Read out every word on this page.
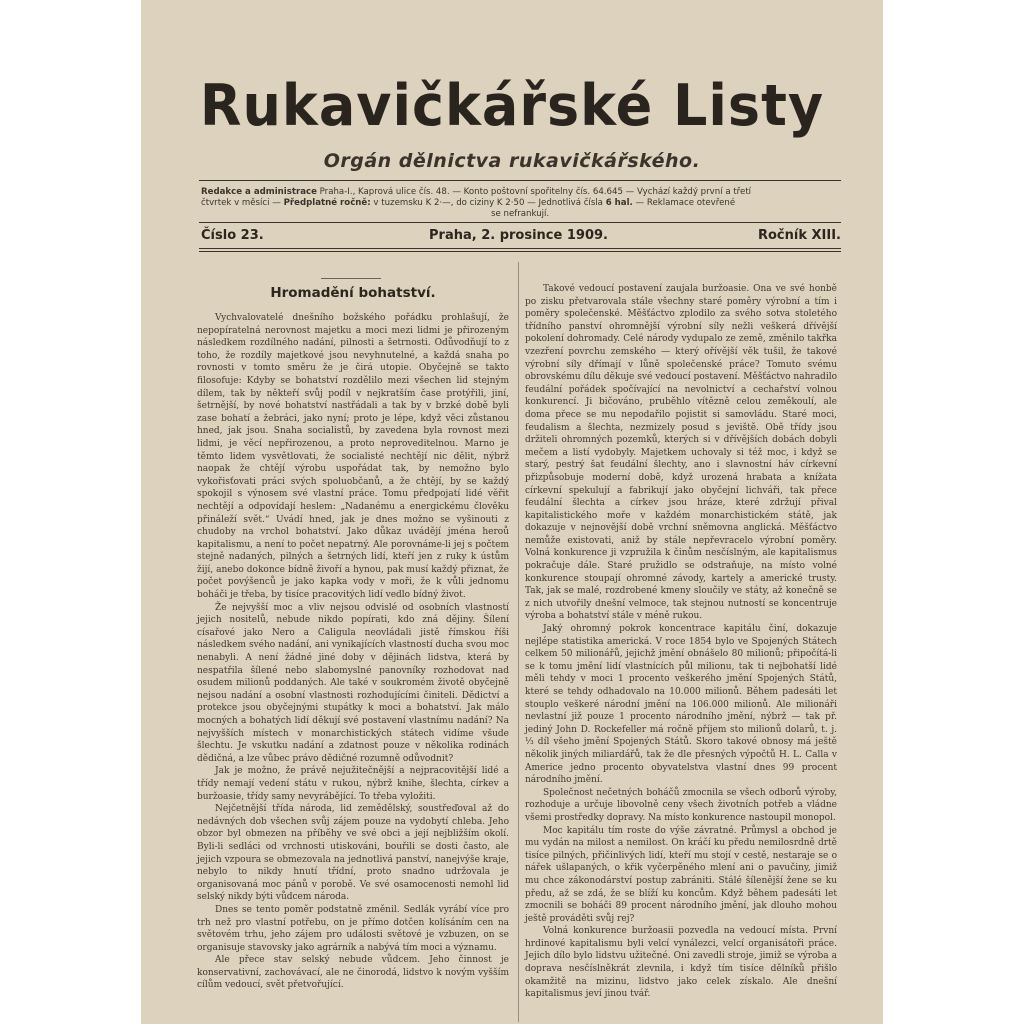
Rukavičkářské Listy
Orgán dělnictva rukavičkářského.
Redakce a administrace Praha-I., Kaprová ulice čís. 48. — Konto poštovní spořitelny čís. 64.645 — Vychází každý první a třetí
čtvrtek v měsíci — Předplatné ročně: v tuzemsku K 2·—, do ciziny K 2·50 — Jednotlivá čísla 6 hal. — Reklamace otevřené
se nefrankují.
Číslo 23.	Praha, 2. prosince 1909.	Ročník XIII.
Hromadění bohatství.

Vychvalovatelé dnešního božského pořádku prohlašují, že nepopíratelná nerovnost majetku a moci mezi lidmi je přirozeným následkem rozdílného nadání, pilnosti a šetrnosti. Odůvodňují to z toho, že rozdíly majetkové jsou nevyhnutelné, a každá snaha po rovnosti v tomto směru že je čirá utopie. Obyčejně se takto filosofuje: Kdyby se bohatství rozdělilo mezi všechen lid stejným dílem, tak by někteří svůj podíl v nejkratším čase protýřili, jiní, šetrnější, by nové bohatství nastřádali a tak by v brzké době byli zase bohatí a žebráci, jako nyní; proto je lépe, když věci zůstanou hned, jak jsou. Snaha socialistů, by zavedena byla rovnost mezi lidmi, je věcí nepřirozenou, a proto neproveditelnou. Marno je těmto lidem vysvětlovati, že socialisté nechtějí nic dělit, nýbrž naopak že chtějí výrobu uspořádat tak, by nemožno bylo vykořisťovati práci svých spoluobčanů, a že chtějí, by se každý spokojil s výnosem své vlastní práce. Tomu předpojatí lidé věřit nechtějí a odpovídají heslem: „Nadanému a energickému člověku přináleží svět.“ Uvádí hned, jak je dnes možno se vyšinouti z chudoby na vrchol bohatství. Jako důkaz uvádějí jména heroů kapitalismu, a není to počet nepatrný. Ale porovnáme-li jej s počtem stejně nadaných, pilných a šetrných lidí, kteří jen z ruky k ústům žijí, anebo dokonce bídně živoří a hynou, pak musí každý přiznat, že počet povýšenců je jako kapka vody v moři, že k vůli jednomu boháči je třeba, by tisíce pracovitých lidí vedlo bídný život.

Že nejvyšší moc a vliv nejsou odvislé od osobních vlastností jejich nositelů, nebude nikdo popírati, kdo zná dějiny. Šílení císařové jako Nero a Caligula neovládali jistě římskou říši následkem svého nadání, ani vynikajících vlastností ducha svou moc nenabyli. A není žádné jiné doby v dějinách lidstva, která by nespatřila šílené nebo slabomyslné panovníky rozhodovat nad osudem milionů poddaných. Ale také v soukromém životě obyčejně nejsou nadání a osobní vlastnosti rozhodujícími činiteli. Dědictví a protekce jsou obyčejnými stupátky k moci a bohatství. Jak málo mocných a bohatých lidí děkují své postavení vlastnímu nadání? Na nejvyšších místech v monarchistických státech vidíme všude šlechtu. Je vskutku nadání a zdatnost pouze v několika rodinách dědičná, a lze vůbec právo dědičné rozumně odůvodnit?

Jak je možno, že právě nejužitečnější a nejpracovitější lidé a třídy nemají vedení státu v rukou, nýbrž knihe, šlechta, církev a buržoasie, třídy samy nevyrábějící. To třeba vyložiti.

Nejčetnější třída národa, lid zemědělský, soustřeďoval až do nedávných dob všechen svůj zájem pouze na vydobytí chleba. Jeho obzor byl obmezen na příběhy ve své obci a její nejbližším okolí. Byli-li sedláci od vrchnosti utiskováni, bouřili se dosti často, ale jejich vzpoura se obmezovala na jednotlivá panství, nanejvýše kraje, nebylo to nikdy hnutí třídní, proto snadno udržovala je organisovaná moc pánů v porobě. Ve své osamocenosti nemohl lid selský nikdy býti vůdcem národa.

Dnes se tento poměr podstatně změnil. Sedlák vyrábí více pro trh než pro vlastní potřebu, on je přímo dotčen kolísáním cen na světovém trhu, jeho zájem pro události světové je vzbuzen, on se organisuje stavovsky jako agrárník a nabývá tím moci a významu.

Ale přece stav selský nebude vůdcem. Jeho činnost je konservativní, zachovávací, ale ne činorodá, lidstvo k novým vyšším cílům vedoucí, svět přetvořující.

Takové vedoucí postavení zaujala buržoasie. Ona ve své honbě po zisku přetvarovala stále všechny staré poměry výrobní a tím i poměry společenské. Měšťáctvo zplodilo za svého sotva stoletého třídního panství ohromnější výrobní síly nežli veškerá dřívější pokolení dohromady. Celé národy vydupalo ze země, změnilo takřka vzezření povrchu zemského — který ořívější věk tušil, že takové výrobní síly dřímají v lůně společenské práce? Tomuto svému obrovskému dílu děkuje své vedoucí postavení. Měšťáctvo nahradilo feudální pořádek spočívající na nevolnictví a cechařství volnou konkurencí. Ji bičováno, pruběhlo vítězně celou zeměkoulí, ale doma přece se mu nepodařilo pojistit si samovládu. Staré moci, feudalism a šlechta, nezmizely posud s jeviště. Obě třídy jsou držiteli ohromných pozemků, kterých si v dřívějších dobách dobyli mečem a listí vydobyly. Majetkem uchovaly si též moc, i když se starý, pestrý šat feudální šlechty, ano i slavnostní háv církevní přizpůsobuje moderní době, když urozená hrabata a knížata církevní spekulují a fabrikují jako obyčejní lichváři, tak přece feudální šlechta a církev jsou hráze, které zdržují přival kapitalistického moře v každém monarchistickém státě, jak dokazuje v nejnovější době vrchní sněmovna anglická. Měšťáctvo nemůže existovati, aniž by stále nepřevracelo výrobní poměry. Volná konkurence ji vzpružila k činům nesčíslným, ale kapitalismus pokračuje dále. Staré pružidlo se odstraňuje, na místo volné konkurence stoupají ohromné závody, kartely a americké trusty. Tak, jak se malé, rozdrobené kmeny sloučily ve státy, až konečně se z nich utvořily dnešní velmoce, tak stejnou nutností se koncentruje výroba a bohatství stále v méně rukou.

Jaký ohromný pokrok koncentrace kapitálu činí, dokazuje nejlépe statistika americká. V roce 1854 bylo ve Spojených Státech celkem 50 milionářů, jejichž jmění obnášelo 80 milionů; připočítá-li se k tomu jmění lidí vlastnících půl milionu, tak ti nejbohatší lidé měli tehdy v moci 1 procento veškerého jmění Spojených Států, které se tehdy odhadovalo na 10.000 milionů. Během padesáti let stouplo veškeré národní jmění na 106.000 milionů. Ale milionáři nevlastní již pouze 1 procento národního jmění, nýbrž — tak př. jediný John D. Rockefeller má ročně příjem sto milionů dolarů, t. j. ⅓ díl všeho jmění Spojených Států. Skoro takové obnosy má ještě několik jiných miliardářů, tak že dle přesných výpočtů H. L. Calla v Americe jedno procento obyvatelstva vlastní dnes 99 procent národního jmění.

Společnost nečetných boháčů zmocnila se všech odborů výroby, rozhoduje a určuje libovolně ceny všech životních potřeb a vládne všemi prostředky dopravy. Na místo konkurence nastoupil monopol.

Moc kapitálu tím roste do výše závratné. Průmysl a obchod je mu vydán na milost a nemilost. On kráčí ku předu nemilosrdně drtě tisíce pilných, přičinlivých lidí, kteří mu stojí v cestě, nestaraje se o nářek ušlapaných, o křik vyčerpěného mlení ani o pavučiny, jimiž mu chce zákonodárství postup zabrániti. Stálé šílenější žene se ku předu, až se zdá, že se blíží ku koncům. Když během padesáti let zmocnili se boháči 89 procent národního jmění, jak dlouho mohou ještě prováděti svůj rej?

Volná konkurence buržoasii pozvedla na vedoucí místa. První hrdinové kapitalismu byli velcí vynálezci, velcí organisátoři práce. Jejich dílo bylo lidstvu užitečné. Oni zavedli stroje, jimiž se výroba a doprava nesčíslněkrát zlevnila, i když tím tisíce dělníků přišlo okamžitě na mizinu, lidstvo jako celek získalo. Ale dnešní kapitalismus jeví jinou tvář.
